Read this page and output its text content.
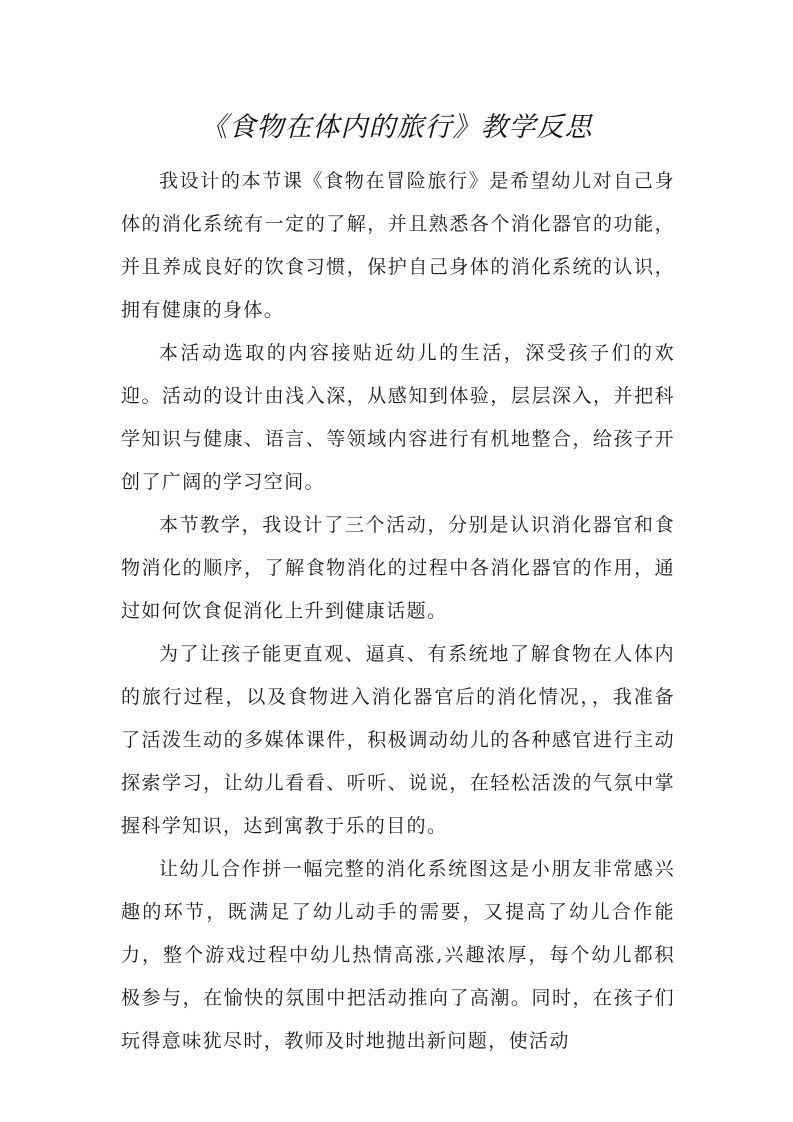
《食物在体内的旅行》教学反思

我设计的本节课《食物在冒险旅行》是希望幼儿对自己身体的消化系统有一定的了解，并且熟悉各个消化器官的功能，并且养成良好的饮食习惯，保护自己身体的消化系统的认识，拥有健康的身体。

本活动选取的内容接贴近幼儿的生活，深受孩子们的欢迎。活动的设计由浅入深，从感知到体验，层层深入，并把科学知识与健康、语言、等领域内容进行有机地整合，给孩子开创了广阔的学习空间。

本节教学，我设计了三个活动，分别是认识消化器官和食物消化的顺序，了解食物消化的过程中各消化器官的作用，通过如何饮食促消化上升到健康话题。

为了让孩子能更直观、逼真、有系统地了解食物在人体内的旅行过程，以及食物进入消化器官后的消化情况，，我准备了活泼生动的多媒体课件，积极调动幼儿的各种感官进行主动探索学习，让幼儿看看、听听、说说，在轻松活泼的气氛中掌握科学知识，达到寓教于乐的目的。

让幼儿合作拼一幅完整的消化系统图这是小朋友非常感兴趣的环节，既满足了幼儿动手的需要，又提高了幼儿合作能力，整个游戏过程中幼儿热情高涨,兴趣浓厚，每个幼儿都积极参与，在愉快的氛围中把活动推向了高潮。同时，在孩子们玩得意味犹尽时，教师及时地抛出新问题，使活动
